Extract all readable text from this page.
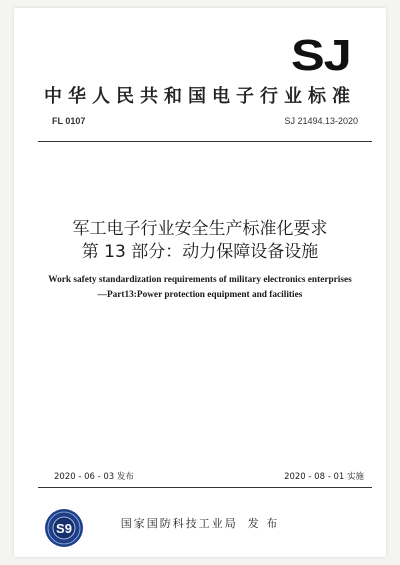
SJ
中华人民共和国电子行业标准
FL 0107	SJ 21494.13-2020
军工电子行业安全生产标准化要求
第 13 部分：动力保障设备设施
Work safety standardization requirements of military electronics enterprises
—Part13:Power protection equipment and facilities
2020 - 06 - 03 发布	2020 - 08 - 01 实施
S9	国家国防科技工业局 发 布
